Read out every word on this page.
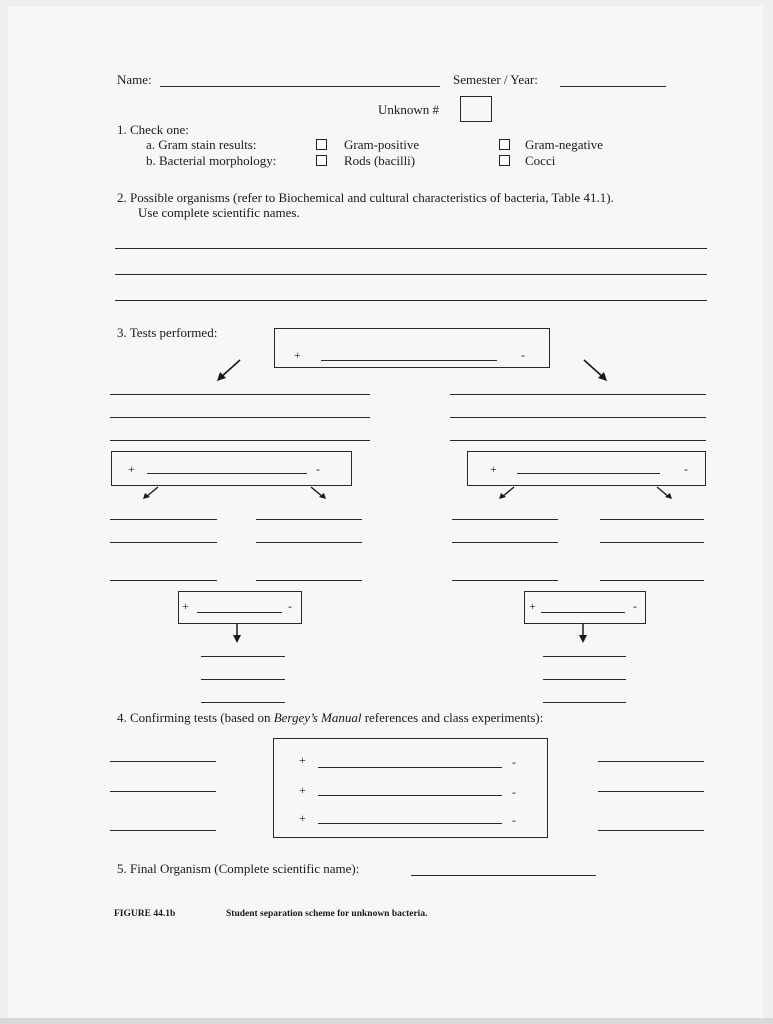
Name:	Semester / Year:
Unknown #
1. Check one:
a. Gram stain results:	Gram-positive	Gram-negative
b. Bacterial morphology:	Rods (bacilli)	Cocci
2. Possible organisms (refer to Biochemical and cultural characteristics of bacteria, Table 41.1).
Use complete scientific names.
3. Tests performed:
+	-
+	-	+	-
+	-	+	-
4. Confirming tests (based on Bergey’s Manual references and class experiments):
+	-
+	-
+	-
5. Final Organism (Complete scientific name):
FIGURE 44.1b	Student separation scheme for unknown bacteria.
